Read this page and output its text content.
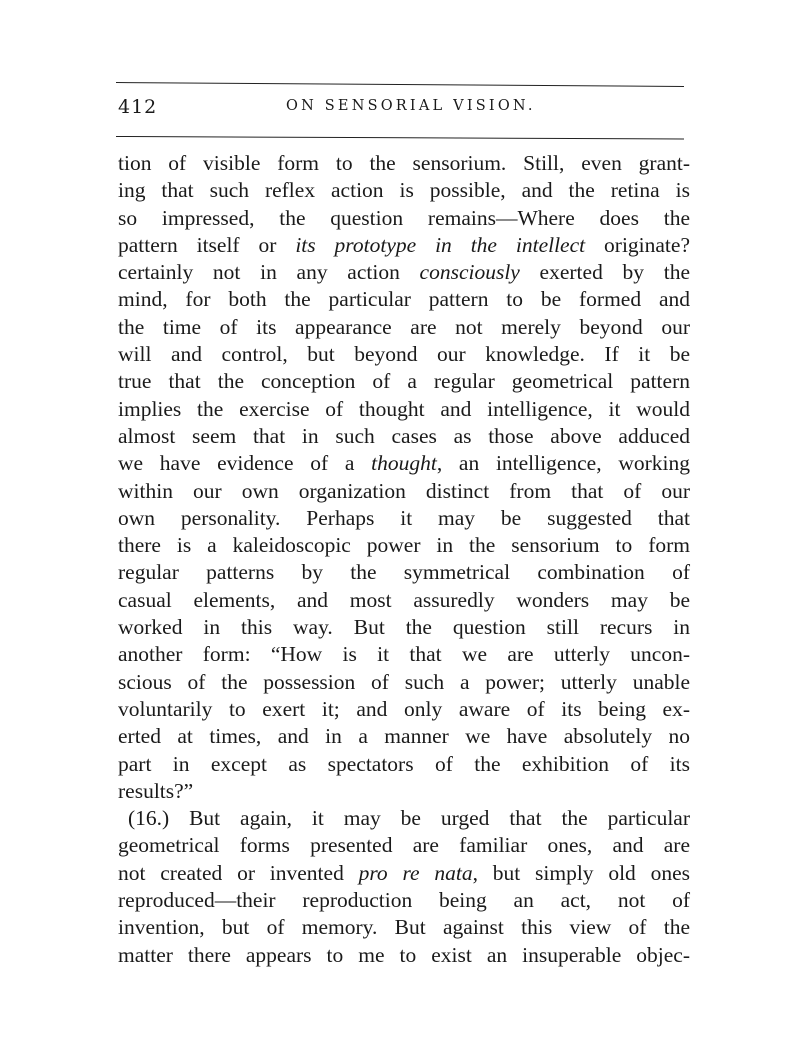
412	ON SENSORIAL VISION.
tion of visible form to the sensorium. Still, even grant-
ing that such reflex action is possible, and the retina is
so impressed, the question remains—Where does the
pattern itself or its prototype in the intellect originate?
certainly not in any action consciously exerted by the
mind, for both the particular pattern to be formed and
the time of its appearance are not merely beyond our
will and control, but beyond our knowledge. If it be
true that the conception of a regular geometrical pattern
implies the exercise of thought and intelligence, it would
almost seem that in such cases as those above adduced
we have evidence of a thought, an intelligence, working
within our own organization distinct from that of our
own personality. Perhaps it may be suggested that
there is a kaleidoscopic power in the sensorium to form
regular patterns by the symmetrical combination of
casual elements, and most assuredly wonders may be
worked in this way. But the question still recurs in
another form: “How is it that we are utterly uncon-
scious of the possession of such a power; utterly unable
voluntarily to exert it; and only aware of its being ex-
erted at times, and in a manner we have absolutely no
part in except as spectators of the exhibition of its
results?”
(16.) But again, it may be urged that the particular
geometrical forms presented are familiar ones, and are
not created or invented pro re nata, but simply old ones
reproduced—their reproduction being an act, not of
invention, but of memory. But against this view of the
matter there appears to me to exist an insuperable objec-
